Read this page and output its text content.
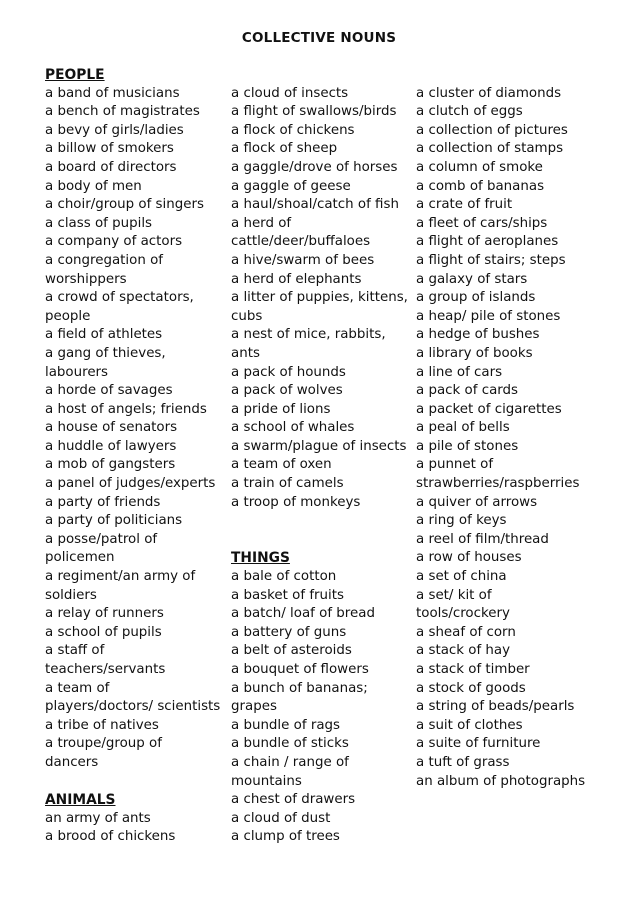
COLLECTIVE NOUNS
PEOPLE
a band of musicians
a bench of magistrates
a bevy of girls/ladies
a billow of smokers
a board of directors
a body of men
a choir/group of singers
a class of pupils
a company of actors
a congregation of
worshippers
a crowd of spectators,
people
a field of athletes
a gang of thieves,
labourers
a horde of savages
a host of angels; friends
a house of senators
a huddle of lawyers
a mob of gangsters
a panel of judges/experts
a party of friends
a party of politicians
a posse/patrol of
policemen
a regiment/an army of
soldiers
a relay of runners
a school of pupils
a staff of
teachers/servants
a team of
players/doctors/ scientists
a tribe of natives
a troupe/group of
dancers
ANIMALS
an army of ants
a brood of chickens
a cloud of insects
a flight of swallows/birds
a flock of chickens
a flock of sheep
a gaggle/drove of horses
a gaggle of geese
a haul/shoal/catch of fish
a herd of
cattle/deer/buffaloes
a hive/swarm of bees
a herd of elephants
a litter of puppies, kittens,
cubs
a nest of mice, rabbits,
ants
a pack of hounds
a pack of wolves
a pride of lions
a school of whales
a swarm/plague of insects
a team of oxen
a train of camels
a troop of monkeys
THINGS
a bale of cotton
a basket of fruits
a batch/ loaf of bread
a battery of guns
a belt of asteroids
a bouquet of flowers
a bunch of bananas;
grapes
a bundle of rags
a bundle of sticks
a chain / range of
mountains
a chest of drawers
a cloud of dust
a clump of trees
a cluster of diamonds
a clutch of eggs
a collection of pictures
a collection of stamps
a column of smoke
a comb of bananas
a crate of fruit
a fleet of cars/ships
a flight of aeroplanes
a flight of stairs; steps
a galaxy of stars
a group of islands
a heap/ pile of stones
a hedge of bushes
a library of books
a line of cars
a pack of cards
a packet of cigarettes
a peal of bells
a pile of stones
a punnet of
strawberries/raspberries
a quiver of arrows
a ring of keys
a reel of film/thread
a row of houses
a set of china
a set/ kit of
tools/crockery
a sheaf of corn
a stack of hay
a stack of timber
a stock of goods
a string of beads/pearls
a suit of clothes
a suite of furniture
a tuft of grass
an album of photographs
